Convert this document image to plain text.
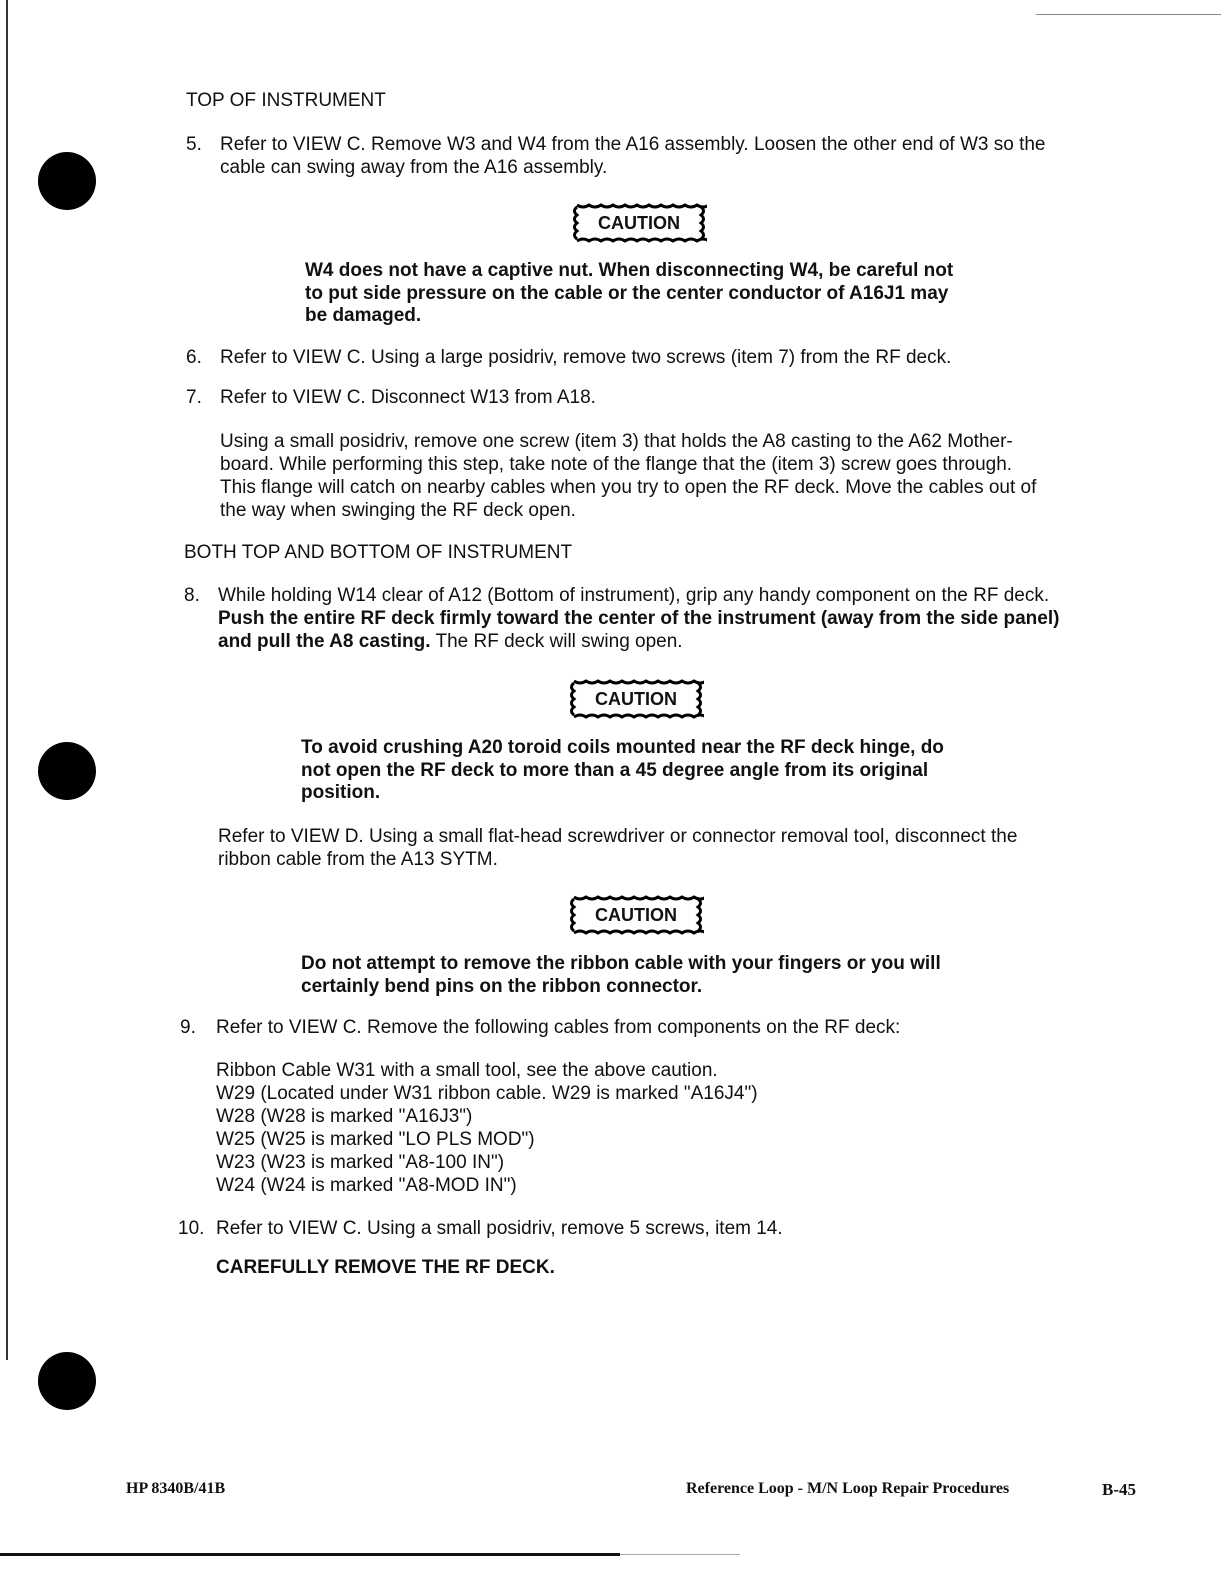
TOP OF INSTRUMENT
5. Refer to VIEW C. Remove W3 and W4 from the A16 assembly. Loosen the other end of W3 so the
cable can swing away from the A16 assembly.
CAUTION
W4 does not have a captive nut. When disconnecting W4, be careful not
to put side pressure on the cable or the center conductor of A16J1 may
be damaged.
6. Refer to VIEW C. Using a large posidriv, remove two screws (item 7) from the RF deck.
7. Refer to VIEW C. Disconnect W13 from A18.
Using a small posidriv, remove one screw (item 3) that holds the A8 casting to the A62 Mother-
board. While performing this step, take note of the flange that the (item 3) screw goes through.
This flange will catch on nearby cables when you try to open the RF deck. Move the cables out of
the way when swinging the RF deck open.
BOTH TOP AND BOTTOM OF INSTRUMENT
8. While holding W14 clear of A12 (Bottom of instrument), grip any handy component on the RF deck.
Push the entire RF deck firmly toward the center of the instrument (away from the side panel)
and pull the A8 casting. The RF deck will swing open.
CAUTION
To avoid crushing A20 toroid coils mounted near the RF deck hinge, do
not open the RF deck to more than a 45 degree angle from its original
position.
Refer to VIEW D. Using a small flat-head screwdriver or connector removal tool, disconnect the
ribbon cable from the A13 SYTM.
CAUTION
Do not attempt to remove the ribbon cable with your fingers or you will
certainly bend pins on the ribbon connector.
9. Refer to VIEW C. Remove the following cables from components on the RF deck:
Ribbon Cable W31 with a small tool, see the above caution.
W29 (Located under W31 ribbon cable. W29 is marked "A16J4")
W28 (W28 is marked "A16J3")
W25 (W25 is marked "LO PLS MOD")
W23 (W23 is marked "A8-100 IN")
W24 (W24 is marked "A8-MOD IN")
10. Refer to VIEW C. Using a small posidriv, remove 5 screws, item 14.
CAREFULLY REMOVE THE RF DECK.
HP 8340B/41B	Reference Loop - M/N Loop Repair Procedures	B-45
